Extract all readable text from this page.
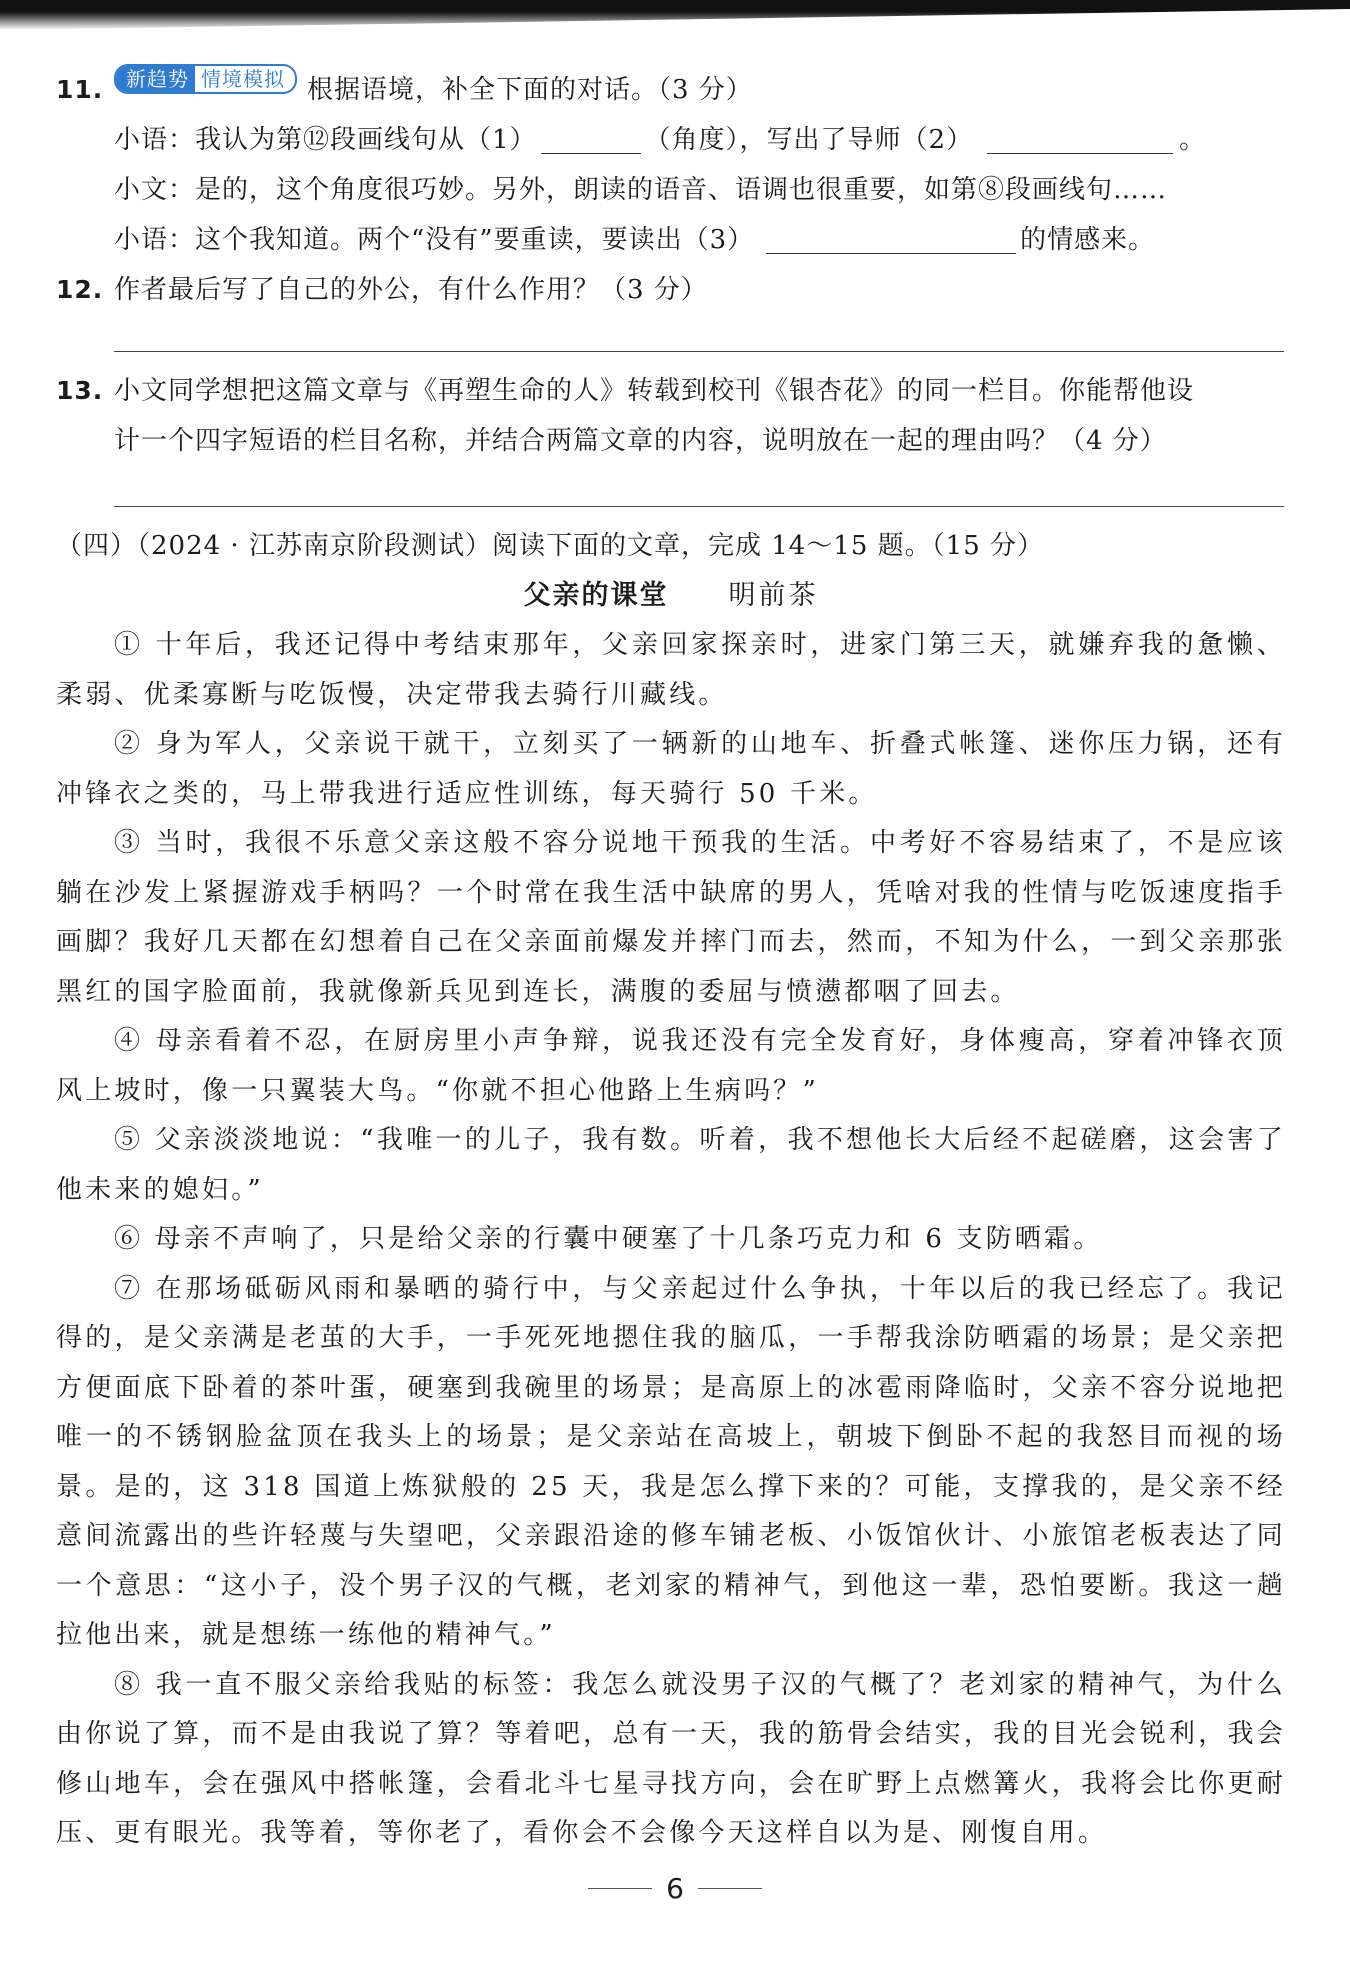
11. 新趋势 情境模拟 根据语境，补全下面的对话。（3 分）
小语：我认为第⑫段画线句从（1）	（角度），写出了导师（2）	。
小文：是的，这个角度很巧妙。另外，朗读的语音、语调也很重要，如第⑧段画线句……
小语：这个我知道。两个“没有”要重读，要读出（3）	的情感来。
12. 作者最后写了自己的外公，有什么作用？（3 分）
13. 小文同学想把这篇文章与《再塑生命的人》转载到校刊《银杏花》的同一栏目。你能帮他设
计一个四字短语的栏目名称，并结合两篇文章的内容，说明放在一起的理由吗？（4 分）
（四）（2024 · 江苏南京阶段测试）阅读下面的文章，完成 14～15 题。（15 分）
父亲的课堂 明前茶

① 十年后，我还记得中考结束那年，父亲回家探亲时，进家门第三天，就嫌弃我的惫懒、柔弱、优柔寡断与吃饭慢，决定带我去骑行川藏线。

② 身为军人，父亲说干就干，立刻买了一辆新的山地车、折叠式帐篷、迷你压力锅，还有冲锋衣之类的，马上带我进行适应性训练，每天骑行 50 千米。

③ 当时，我很不乐意父亲这般不容分说地干预我的生活。中考好不容易结束了，不是应该躺在沙发上紧握游戏手柄吗？一个时常在我生活中缺席的男人，凭啥对我的性情与吃饭速度指手画脚？我好几天都在幻想着自己在父亲面前爆发并摔门而去，然而，不知为什么，一到父亲那张黑红的国字脸面前，我就像新兵见到连长，满腹的委屈与愤懑都咽了回去。

④ 母亲看着不忍，在厨房里小声争辩，说我还没有完全发育好，身体瘦高，穿着冲锋衣顶风上坡时，像一只翼装大鸟。“你就不担心他路上生病吗？”

⑤ 父亲淡淡地说：“我唯一的儿子，我有数。听着，我不想他长大后经不起磋磨，这会害了他未来的媳妇。”

⑥ 母亲不声响了，只是给父亲的行囊中硬塞了十几条巧克力和 6 支防晒霜。

⑦ 在那场砥砺风雨和暴晒的骑行中，与父亲起过什么争执，十年以后的我已经忘了。我记得的，是父亲满是老茧的大手，一手死死地摁住我的脑瓜，一手帮我涂防晒霜的场景；是父亲把方便面底下卧着的茶叶蛋，硬塞到我碗里的场景；是高原上的冰雹雨降临时，父亲不容分说地把唯一的不锈钢脸盆顶在我头上的场景；是父亲站在高坡上，朝坡下倒卧不起的我怒目而视的场景。是的，这 318 国道上炼狱般的 25 天，我是怎么撑下来的？可能，支撑我的，是父亲不经意间流露出的些许轻蔑与失望吧，父亲跟沿途的修车铺老板、小饭馆伙计、小旅馆老板表达了同一个意思：“这小子，没个男子汉的气概，老刘家的精神气，到他这一辈，恐怕要断。我这一趟拉他出来，就是想练一练他的精神气。”

⑧ 我一直不服父亲给我贴的标签：我怎么就没男子汉的气概了？老刘家的精神气，为什么由你说了算，而不是由我说了算？等着吧，总有一天，我的筋骨会结实，我的目光会锐利，我会修山地车，会在强风中搭帐篷，会看北斗七星寻找方向，会在旷野上点燃篝火，我将会比你更耐压、更有眼光。我等着，等你老了，看你会不会像今天这样自以为是、刚愎自用。

6
